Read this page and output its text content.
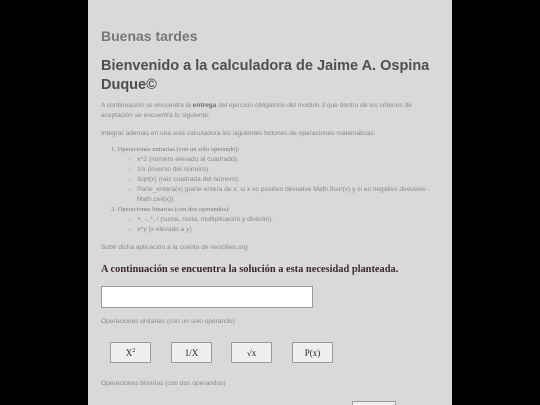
Buenas tardes
Bienvenido a la calculadora de Jaime A. Ospina Duque©

A continuación se encuentra la entrega del ejercicio obligatorio del modulo 3 que dentro de los criterios de aceptación se encuentra lo siguiente:

Integrar además en una sola calculadora los siguientes botones de operaciones matemáticas:

1. Operaciones unitarias (con un solo operando):
○ x^2 (número elevado al cuadrado).
○ 1/x (inverso del número).
○ Sqrt(x) (raiz cuadrada del número).
○ Parte_entera(x) (parte entera de x: si x es positivo devuelve Math.floor(x) y si es negativo devuelve - Math.ceil(x)).
2. Operaciones binarias (con dos operandos):
○ +, -, *, / (suma, resta, multiplicación y división).
○ x^y (x elevado a y)

Subir dicha aplicación a la cuenta de neocities.org

A continuación se encuentra la solución a esta necesidad planteada.

Operaciones unitarias (con un solo operando)

$X^2$	1/X	√x	P(x)

Operaciones binarias (con dos operandos)
